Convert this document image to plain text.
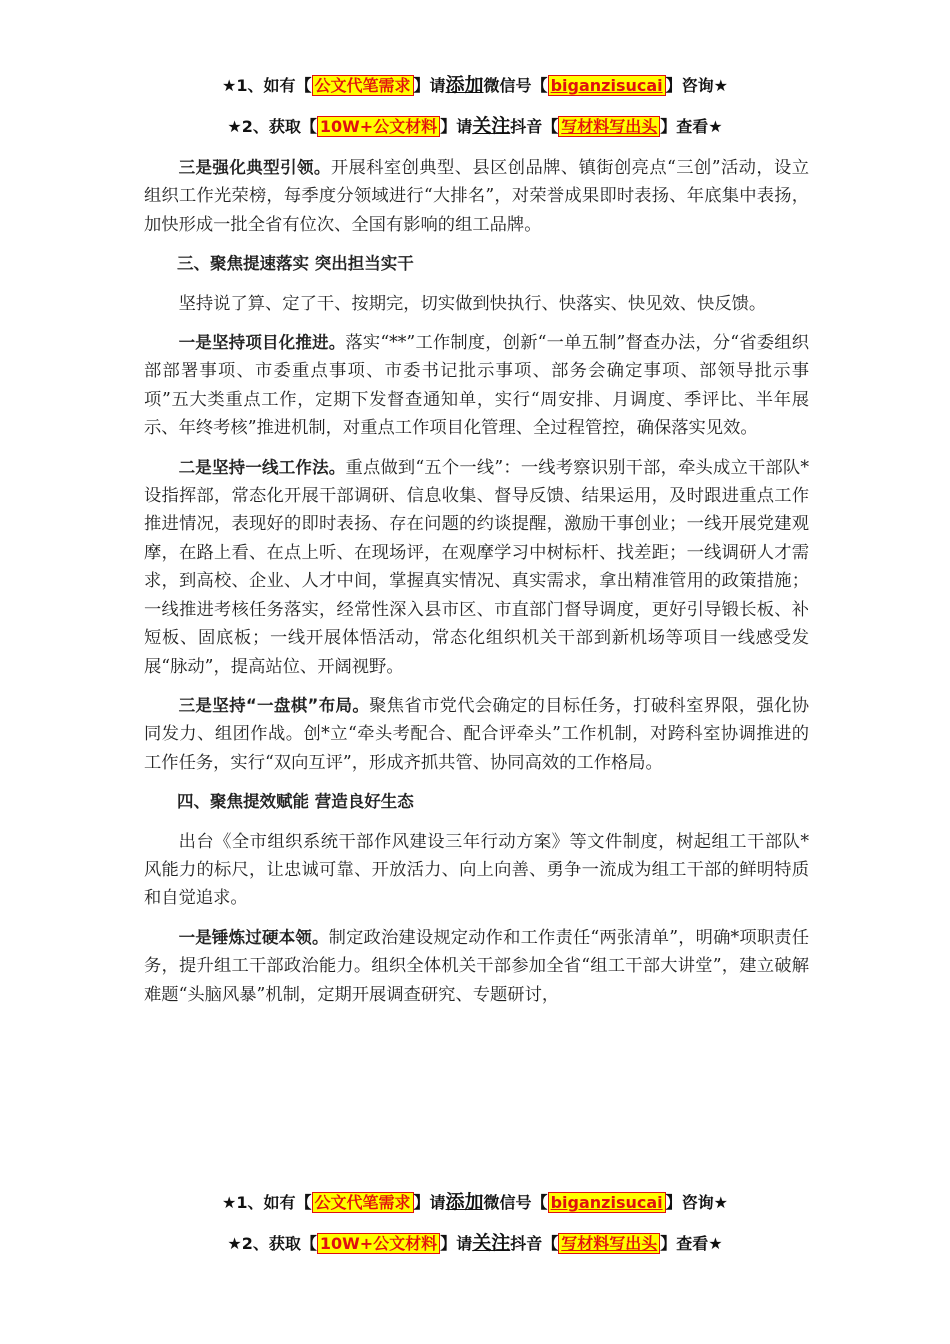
★1、如有【 公文代笔需求 】请添加微信号【 biganzisucai 】咨询★
★2、获取【 10W+公文材料 】请关注抖音【 写材料写出头 】查看★

三是强化典型引领。开展科室创典型、县区创品牌、镇街创亮点“三创”活动，设立组织工作光荣榜，每季度分领域进行“大排名”，对荣誉成果即时表扬、年底集中表扬，加快形成一批全省有位次、全国有影响的组工品牌。

三、聚焦提速落实 突出担当实干

坚持说了算、定了干、按期完，切实做到快执行、快落实、快见效、快反馈。

一是坚持项目化推进。落实“**”工作制度，创新“一单五制”督查办法，分“省委组织部部署事项、市委重点事项、市委书记批示事项、部务会确定事项、部领导批示事项”五大类重点工作，定期下发督查通知单，实行“周安排、月调度、季评比、半年展示、年终考核”推进机制，对重点工作项目化管理、全过程管控，确保落实见效。

二是坚持一线工作法。重点做到“五个一线”：一线考察识别干部，牵头成立干部队*设指挥部，常态化开展干部调研、信息收集、督导反馈、结果运用，及时跟进重点工作推进情况，表现好的即时表扬、存在问题的约谈提醒，激励干事创业；一线开展党建观摩，在路上看、在点上听、在现场评，在观摩学习中树标杆、找差距；一线调研人才需求，到高校、企业、人才中间，掌握真实情况、真实需求，拿出精准管用的政策措施；一线推进考核任务落实，经常性深入县市区、市直部门督导调度，更好引导锻长板、补短板、固底板；一线开展体悟活动，常态化组织机关干部到新机场等项目一线感受发展“脉动”，提高站位、开阔视野。

三是坚持“一盘棋”布局。聚焦省市党代会确定的目标任务，打破科室界限，强化协同发力、组团作战。创*立“牵头考配合、配合评牵头”工作机制，对跨科室协调推进的工作任务，实行“双向互评”，形成齐抓共管、协同高效的工作格局。

四、聚焦提效赋能 营造良好生态

出台《全市组织系统干部作风建设三年行动方案》等文件制度，树起组工干部队*风能力的标尺，让忠诚可靠、开放活力、向上向善、勇争一流成为组工干部的鲜明特质和自觉追求。

一是锤炼过硬本领。制定政治建设规定动作和工作责任“两张清单”，明确*项职责任务，提升组工干部政治能力。组织全体机关干部参加全省“组工干部大讲堂”，建立破解难题“头脑风暴”机制，定期开展调查研究、专题研讨，

★1、如有【 公文代笔需求 】请添加微信号【 biganzisucai 】咨询★
★2、获取【 10W+公文材料 】请关注抖音【 写材料写出头 】查看★
